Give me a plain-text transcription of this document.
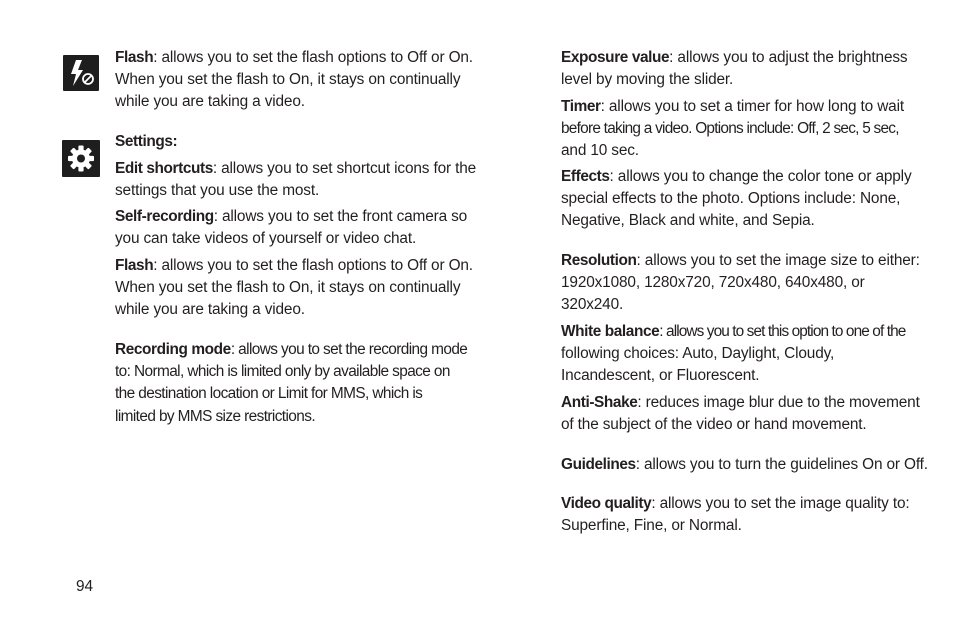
Flash: allows you to set the flash options to Off or On.
When you set the flash to On, it stays on continually
while you are taking a video.
Settings:
Edit shortcuts: allows you to set shortcut icons for the
settings that you use the most.
Self-recording: allows you to set the front camera so
you can take videos of yourself or video chat.
Flash: allows you to set the flash options to Off or On.
When you set the flash to On, it stays on continually
while you are taking a video.
Recording mode: allows you to set the recording mode
to: Normal, which is limited only by available space on
the destination location or Limit for MMS, which is
limited by MMS size restrictions.
Exposure value: allows you to adjust the brightness
level by moving the slider.
Timer: allows you to set a timer for how long to wait
before taking a video. Options include: Off, 2 sec, 5 sec,
and 10 sec.
Effects: allows you to change the color tone or apply
special effects to the photo. Options include: None,
Negative, Black and white, and Sepia.
Resolution: allows you to set the image size to either:
1920x1080, 1280x720, 720x480, 640x480, or
320x240.
White balance: allows you to set this option to one of the
following choices: Auto, Daylight, Cloudy,
Incandescent, or Fluorescent.
Anti-Shake: reduces image blur due to the movement
of the subject of the video or hand movement.
Guidelines: allows you to turn the guidelines On or Off.
Video quality: allows you to set the image quality to:
Superfine, Fine, or Normal.
94
